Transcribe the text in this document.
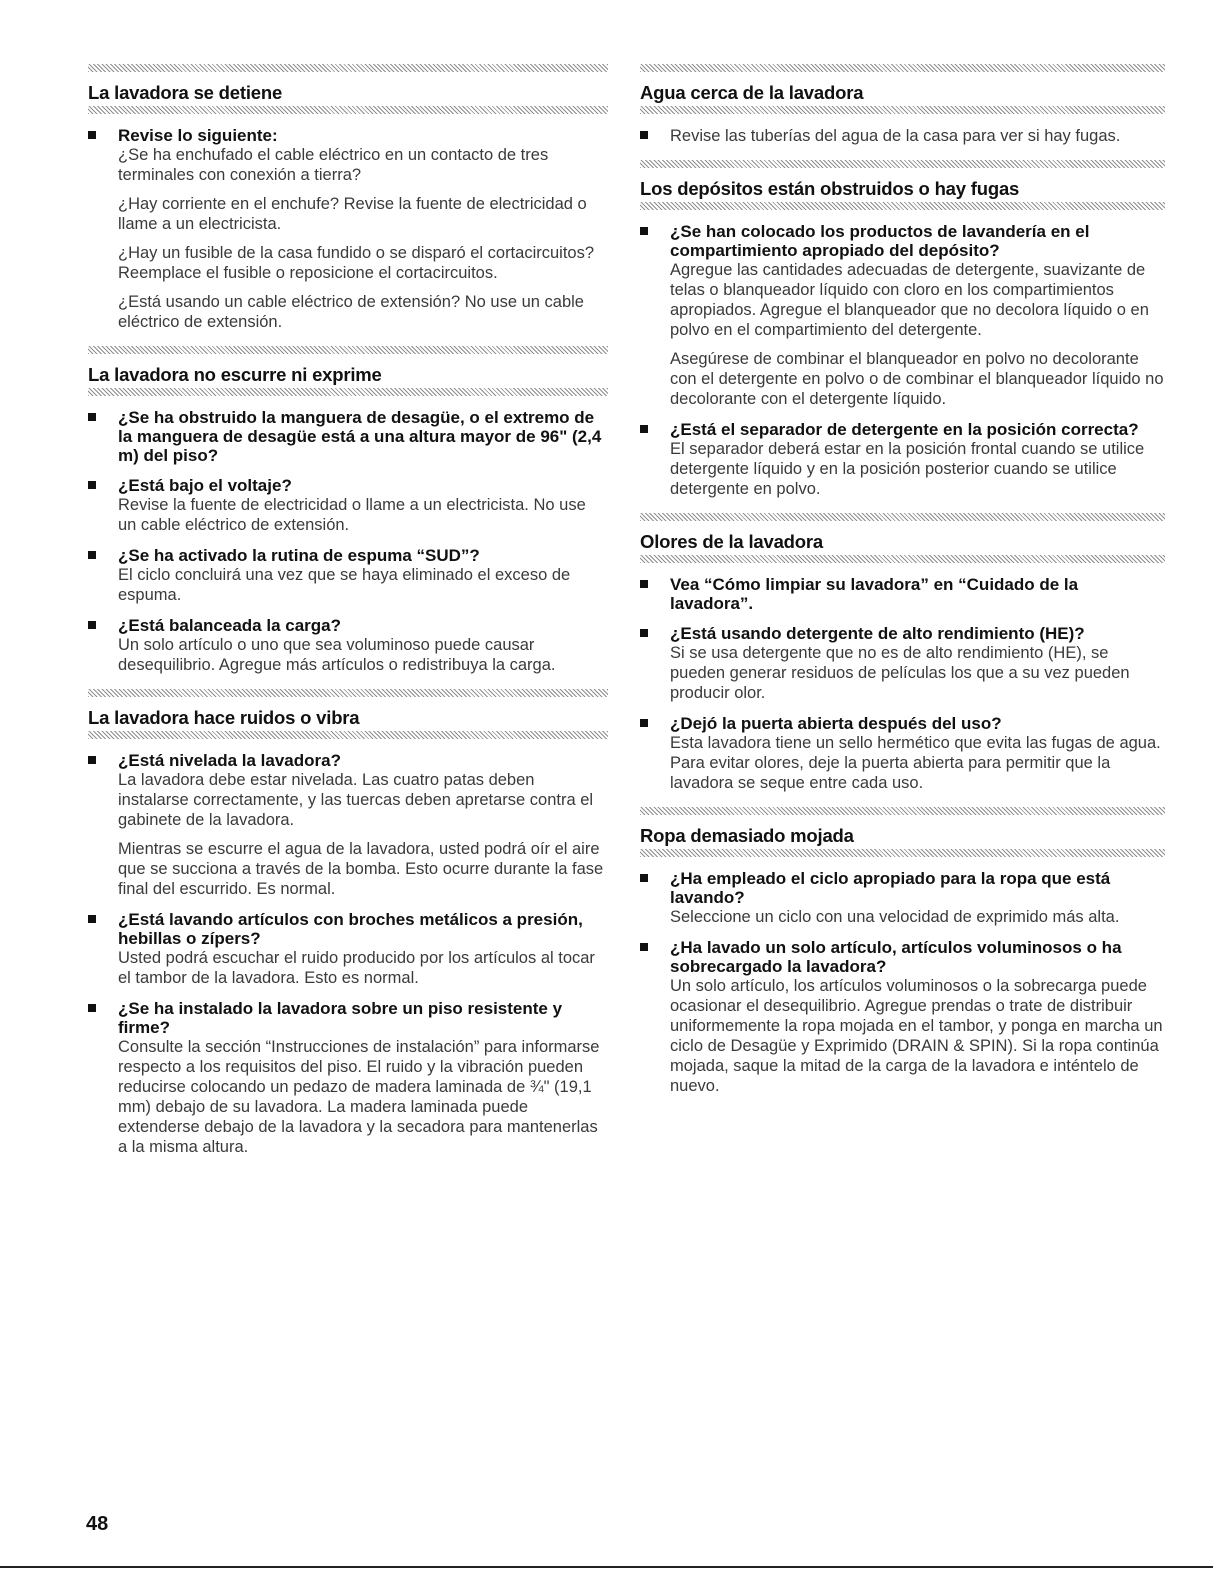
La lavadora se detiene
Revise lo siguiente:
¿Se ha enchufado el cable eléctrico en un contacto de tres terminales con conexión a tierra?
¿Hay corriente en el enchufe? Revise la fuente de electricidad o llame a un electricista.
¿Hay un fusible de la casa fundido o se disparó el cortacircuitos? Reemplace el fusible o reposicione el cortacircuitos.
¿Está usando un cable eléctrico de extensión? No use un cable eléctrico de extensión.
La lavadora no escurre ni exprime
¿Se ha obstruido la manguera de desagüe, o el extremo de la manguera de desagüe está a una altura mayor de 96" (2,4 m) del piso?
¿Está bajo el voltaje?
Revise la fuente de electricidad o llame a un electricista. No use un cable eléctrico de extensión.
¿Se ha activado la rutina de espuma “SUD”?
El ciclo concluirá una vez que se haya eliminado el exceso de espuma.
¿Está balanceada la carga?
Un solo artículo o uno que sea voluminoso puede causar desequilibrio. Agregue más artículos o redistribuya la carga.
La lavadora hace ruidos o vibra
¿Está nivelada la lavadora?
La lavadora debe estar nivelada. Las cuatro patas deben instalarse correctamente, y las tuercas deben apretarse contra el gabinete de la lavadora.
Mientras se escurre el agua de la lavadora, usted podrá oír el aire que se succiona a través de la bomba. Esto ocurre durante la fase final del escurrido. Es normal.
¿Está lavando artículos con broches metálicos a presión, hebillas o zípers?
Usted podrá escuchar el ruido producido por los artículos al tocar el tambor de la lavadora. Esto es normal.
¿Se ha instalado la lavadora sobre un piso resistente y firme?
Consulte la sección “Instrucciones de instalación” para informarse respecto a los requisitos del piso. El ruido y la vibración pueden reducirse colocando un pedazo de madera laminada de ¾" (19,1 mm) debajo de su lavadora. La madera laminada puede extenderse debajo de la lavadora y la secadora para mantenerlas a la misma altura.
Agua cerca de la lavadora
Revise las tuberías del agua de la casa para ver si hay fugas.
Los depósitos están obstruidos o hay fugas
¿Se han colocado los productos de lavandería en el compartimiento apropiado del depósito?
Agregue las cantidades adecuadas de detergente, suavizante de telas o blanqueador líquido con cloro en los compartimientos apropiados. Agregue el blanqueador que no decolora líquido o en polvo en el compartimiento del detergente.
Asegúrese de combinar el blanqueador en polvo no decolorante con el detergente en polvo o de combinar el blanqueador líquido no decolorante con el detergente líquido.
¿Está el separador de detergente en la posición correcta?
El separador deberá estar en la posición frontal cuando se utilice detergente líquido y en la posición posterior cuando se utilice detergente en polvo.
Olores de la lavadora
Vea “Cómo limpiar su lavadora” en “Cuidado de la lavadora”.
¿Está usando detergente de alto rendimiento (HE)?
Si se usa detergente que no es de alto rendimiento (HE), se pueden generar residuos de películas los que a su vez pueden producir olor.
¿Dejó la puerta abierta después del uso?
Esta lavadora tiene un sello hermético que evita las fugas de agua. Para evitar olores, deje la puerta abierta para permitir que la lavadora se seque entre cada uso.
Ropa demasiado mojada
¿Ha empleado el ciclo apropiado para la ropa que está lavando?
Seleccione un ciclo con una velocidad de exprimido más alta.
¿Ha lavado un solo artículo, artículos voluminosos o ha sobrecargado la lavadora?
Un solo artículo, los artículos voluminosos o la sobrecarga puede ocasionar el desequilibrio. Agregue prendas o trate de distribuir uniformemente la ropa mojada en el tambor, y ponga en marcha un ciclo de Desagüe y Exprimido (DRAIN & SPIN). Si la ropa continúa mojada, saque la mitad de la carga de la lavadora e inténtelo de nuevo.
48
